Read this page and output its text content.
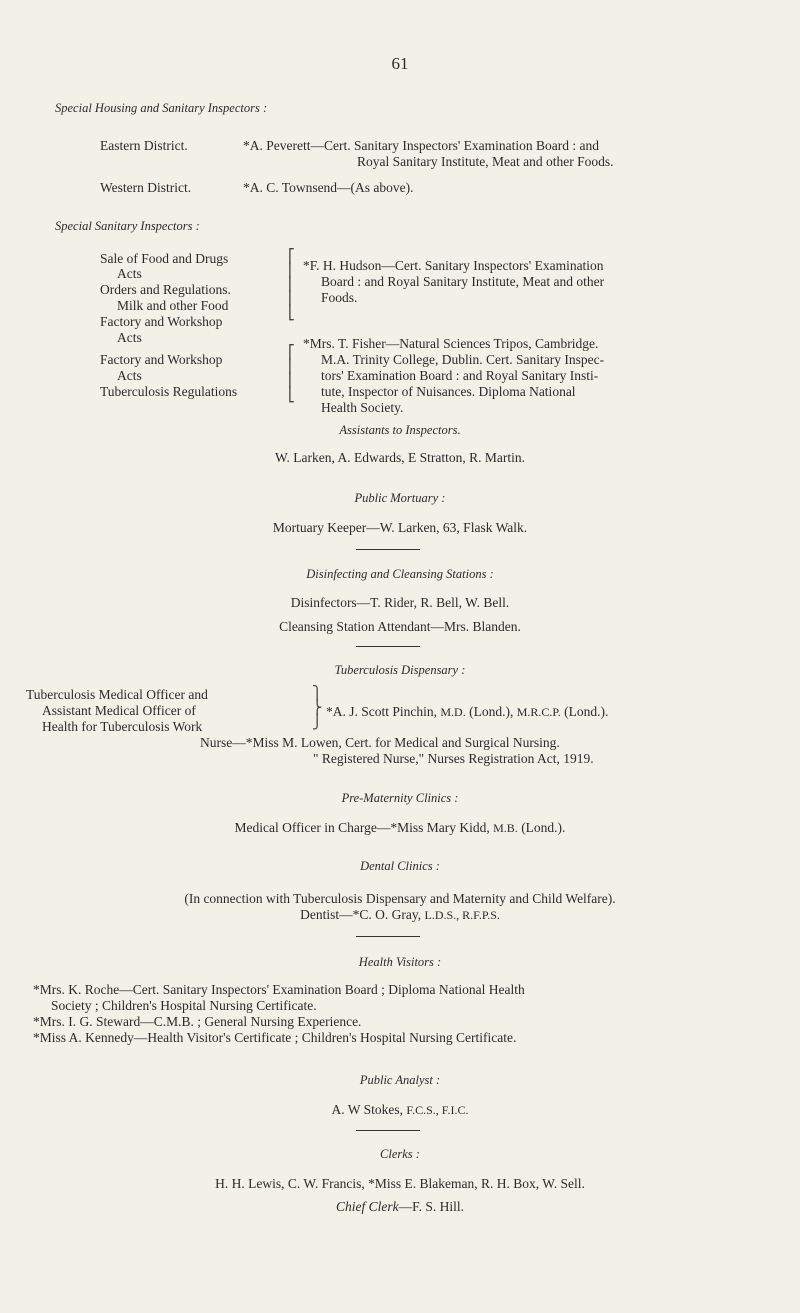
61
Special Housing and Sanitary Inspectors :
Eastern District.	*A. Peverett—Cert. Sanitary Inspectors' Examination Board : and
Royal Sanitary Institute, Meat and other Foods.
Western District.	*A. C. Townsend—(As above).
Special Sanitary Inspectors :
Sale of Food and Drugs
Acts
Orders and Regulations.
Milk and other Food
Factory and Workshop
Acts
⎡
⎢
⎢
⎢
⎣
*F. H. Hudson—Cert. Sanitary Inspectors' Examination
Board : and Royal Sanitary Institute, Meat and other
Foods.
Factory and Workshop
Acts
Tuberculosis Regulations
⎡
⎢
⎢
⎣
*Mrs. T. Fisher—Natural Sciences Tripos, Cambridge.
M.A. Trinity College, Dublin. Cert. Sanitary Inspec-
tors' Examination Board : and Royal Sanitary Insti-
tute, Inspector of Nuisances. Diploma National
Health Society.
Assistants to Inspectors.
W. Larken, A. Edwards, E Stratton, R. Martin.
Public Mortuary :
Mortuary Keeper—W. Larken, 63, Flask Walk.
Disinfecting and Cleansing Stations :
Disinfectors—T. Rider, R. Bell, W. Bell.
Cleansing Station Attendant—Mrs. Blanden.
Tuberculosis Dispensary :
Tuberculosis Medical Officer and
Assistant Medical Officer of
Health for Tuberculosis Work
⎫
⎬
⎭
*A. J. Scott Pinchin, M.D. (Lond.), M.R.C.P. (Lond.).
Nurse—*Miss M. Lowen, Cert. for Medical and Surgical Nursing.
" Registered Nurse," Nurses Registration Act, 1919.
Pre-Maternity Clinics :
Medical Officer in Charge—*Miss Mary Kidd, M.B. (Lond.).
Dental Clinics :
(In connection with Tuberculosis Dispensary and Maternity and Child Welfare).
Dentist—*C. O. Gray, L.D.S., R.F.P.S.
Health Visitors :
*Mrs. K. Roche—Cert. Sanitary Inspectors' Examination Board ; Diploma National Health
Society ; Children's Hospital Nursing Certificate.
*Mrs. I. G. Steward—C.M.B. ; General Nursing Experience.
*Miss A. Kennedy—Health Visitor's Certificate ; Children's Hospital Nursing Certificate.
Public Analyst :
A. W Stokes, F.C.S., F.I.C.
Clerks :
H. H. Lewis, C. W. Francis, *Miss E. Blakeman, R. H. Box, W. Sell.
Chief Clerk—F. S. Hill.
